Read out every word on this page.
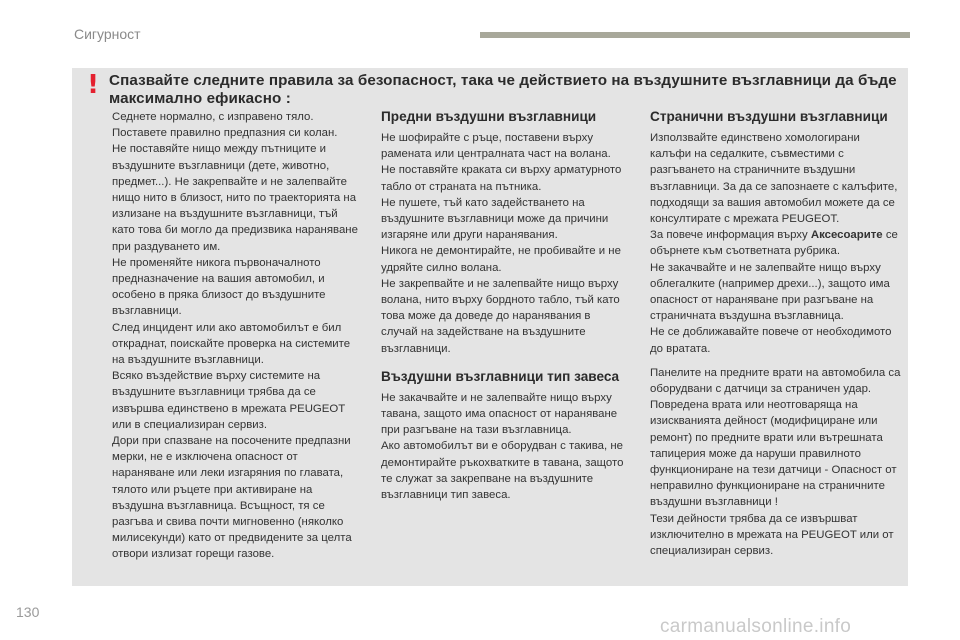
Сигурност
! Спазвайте следните правила за безопасност, така че действието на въздушните възглавници да бъде максимално ефикасно :

Седнете нормално, с изправено тяло.

Поставете правилно предпазния си колан.

Не поставяйте нищо между пътниците и въздушните възглавници (дете, животно, предмет...). Не закрепвайте и не залепвайте нищо нито в близост, нито по траекторията на излизане на въздушните възглавници, тъй като това би могло да предизвика нараняване при раздуването им.

Не променяйте никога първоначалното предназначение на вашия автомобил, и особено в пряка близост до въздушните възглавници.

След инцидент или ако автомобилът е бил откраднат, поискайте проверка на системите на въздушните възглавници.

Всяко въздействие върху системите на въздушните възглавници трябва да се извършва единствено в мрежата PEUGEOT или в специализиран сервиз.

Дори при спазване на посочените предпазни мерки, не е изключена опасност от нараняване или леки изгаряния по главата, тялото или ръцете при активиране на въздушна възглавница. Всъщност, тя се разгъва и свива почти мигновенно (няколко милисекунди) като от предвидените за целта отвори излизат горещи газове.

Предни въздушни възглавници

Не шофирайте с ръце, поставени върху рамената или централната част на волана.

Не поставяйте краката си върху арматурното табло от страната на пътника.

Не пушете, тъй като задействането на въздушните възглавници може да причини изгаряне или други наранявания.

Никога не демонтирайте, не пробивайте и не удряйте силно волана.

Не закрепвайте и не залепвайте нищо върху волана, нито върху бордното табло, тъй като това може да доведе до наранявания в случай на задействане на въздушните възглавници.

Въздушни възглавници тип завеса

Не закачвайте и не залепвайте нищо върху тавана, защото има опасност от нараняване при разгъване на тази възглавница.

Ако автомобилът ви е оборудван с такива, не демонтирайте ръкохватките в тавана, защото те служат за закрепване на въздушните възглавници тип завеса.

Странични въздушни възглавници

Използвайте единствено хомологирани калъфи на седалките, съвместими с разгъването на страничните въздушни възглавници. За да се запознаете с калъфите, подходящи за вашия автомобил можете да се консултирате с мрежата PEUGEOT.

За повече информация върху Аксесоарите се обърнете към съответната рубрика.

Не закачвайте и не залепвайте нищо върху облегалките (например дрехи...), защото има опасност от нараняване при разгъване на страничната въздушна възглавница.

Не се доближавайте повече от необходимото до вратата.

Панелите на предните врати на автомобила са оборудвани с датчици за страничен удар.

Повредена врата или неотговаряща на изискванията дейност (модифициране или ремонт) по предните врати или вътрешната тапицерия може да наруши правилното функциониране на тези датчици - Опасност от неправилно функциониране на страничните въздушни възглавници !

Тези дейности трябва да се извършват изключително в мрежата на PEUGEOT или от специализиран сервиз.

130
carmanualsonline.info
